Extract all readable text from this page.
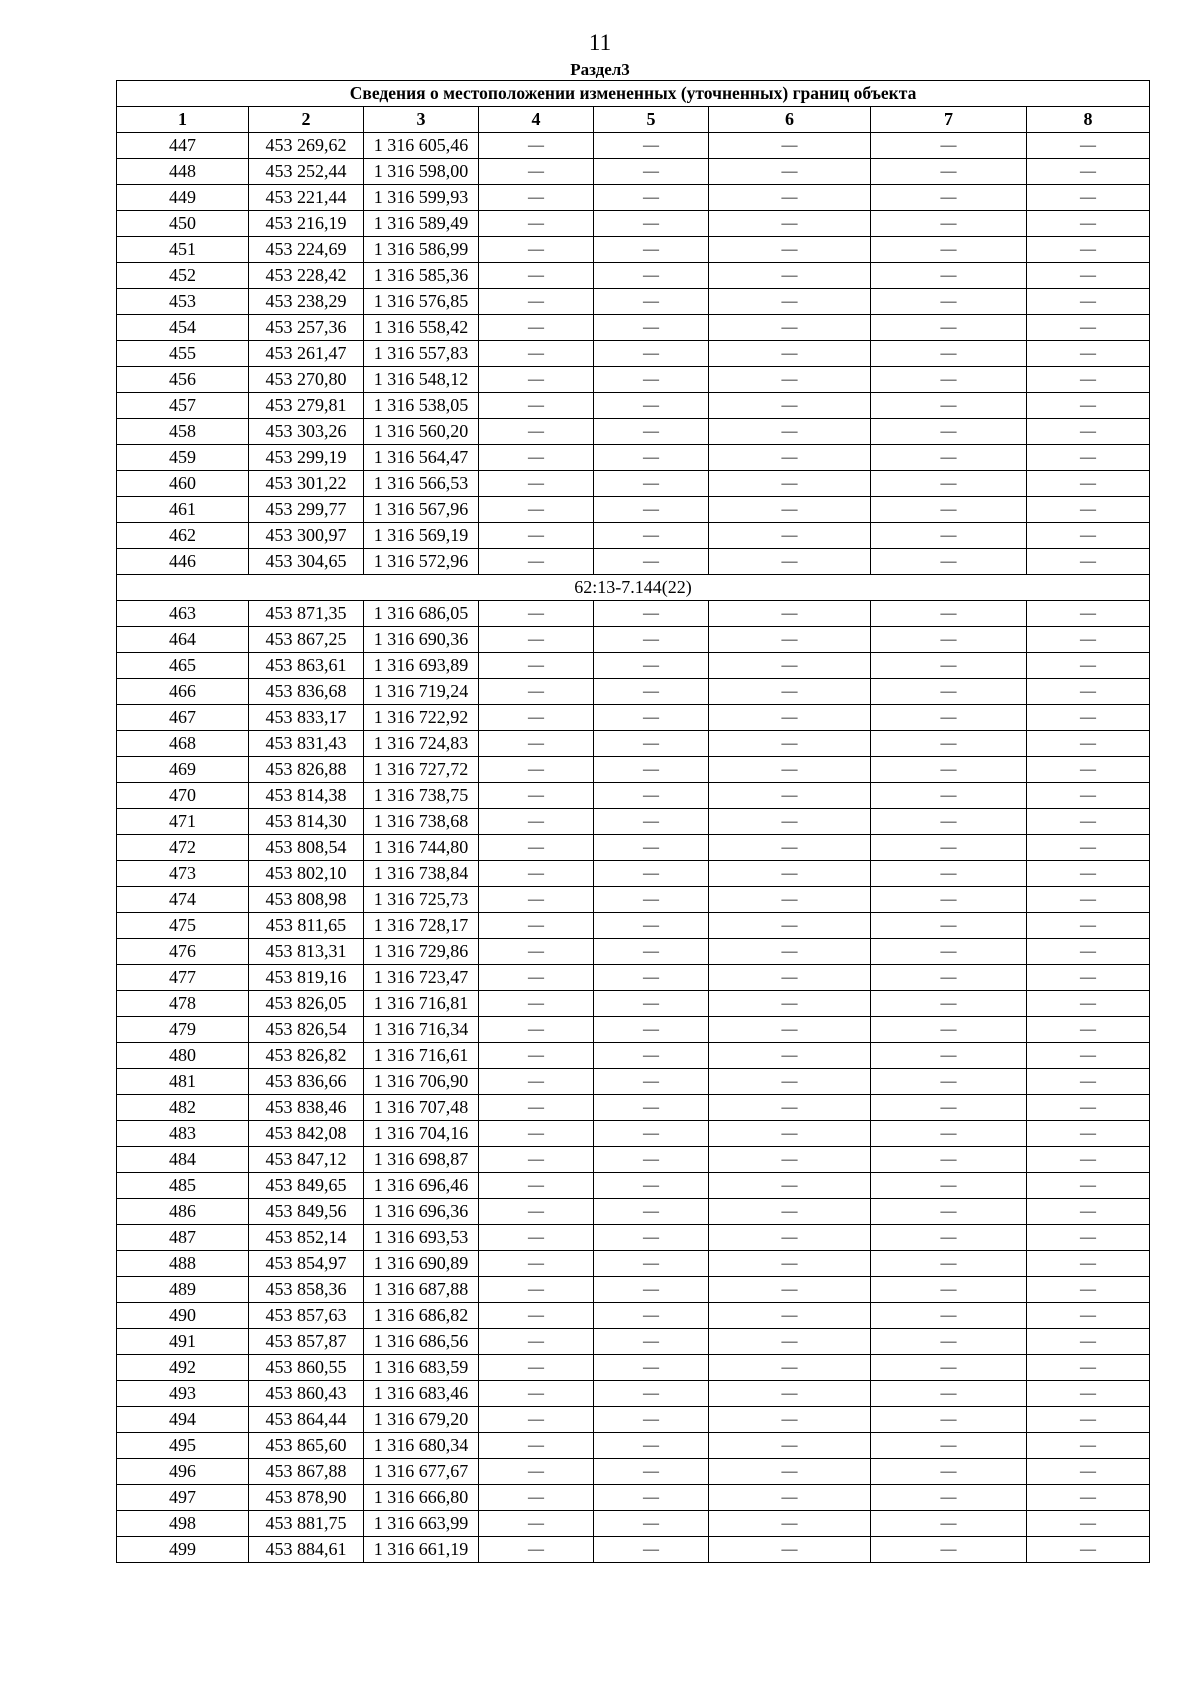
11
Раздел3
Сведения о местоположении измененных (уточненных) границ объекта							
1	2	3	4	5	6	7	8
447	453 269,62	1 316 605,46	—	—	—	—	—
448	453 252,44	1 316 598,00	—	—	—	—	—
449	453 221,44	1 316 599,93	—	—	—	—	—
450	453 216,19	1 316 589,49	—	—	—	—	—
451	453 224,69	1 316 586,99	—	—	—	—	—
452	453 228,42	1 316 585,36	—	—	—	—	—
453	453 238,29	1 316 576,85	—	—	—	—	—
454	453 257,36	1 316 558,42	—	—	—	—	—
455	453 261,47	1 316 557,83	—	—	—	—	—
456	453 270,80	1 316 548,12	—	—	—	—	—
457	453 279,81	1 316 538,05	—	—	—	—	—
458	453 303,26	1 316 560,20	—	—	—	—	—
459	453 299,19	1 316 564,47	—	—	—	—	—
460	453 301,22	1 316 566,53	—	—	—	—	—
461	453 299,77	1 316 567,96	—	—	—	—	—
462	453 300,97	1 316 569,19	—	—	—	—	—
446	453 304,65	1 316 572,96	—	—	—	—	—
62:13-7.144(22)							
463	453 871,35	1 316 686,05	—	—	—	—	—
464	453 867,25	1 316 690,36	—	—	—	—	—
465	453 863,61	1 316 693,89	—	—	—	—	—
466	453 836,68	1 316 719,24	—	—	—	—	—
467	453 833,17	1 316 722,92	—	—	—	—	—
468	453 831,43	1 316 724,83	—	—	—	—	—
469	453 826,88	1 316 727,72	—	—	—	—	—
470	453 814,38	1 316 738,75	—	—	—	—	—
471	453 814,30	1 316 738,68	—	—	—	—	—
472	453 808,54	1 316 744,80	—	—	—	—	—
473	453 802,10	1 316 738,84	—	—	—	—	—
474	453 808,98	1 316 725,73	—	—	—	—	—
475	453 811,65	1 316 728,17	—	—	—	—	—
476	453 813,31	1 316 729,86	—	—	—	—	—
477	453 819,16	1 316 723,47	—	—	—	—	—
478	453 826,05	1 316 716,81	—	—	—	—	—
479	453 826,54	1 316 716,34	—	—	—	—	—
480	453 826,82	1 316 716,61	—	—	—	—	—
481	453 836,66	1 316 706,90	—	—	—	—	—
482	453 838,46	1 316 707,48	—	—	—	—	—
483	453 842,08	1 316 704,16	—	—	—	—	—
484	453 847,12	1 316 698,87	—	—	—	—	—
485	453 849,65	1 316 696,46	—	—	—	—	—
486	453 849,56	1 316 696,36	—	—	—	—	—
487	453 852,14	1 316 693,53	—	—	—	—	—
488	453 854,97	1 316 690,89	—	—	—	—	—
489	453 858,36	1 316 687,88	—	—	—	—	—
490	453 857,63	1 316 686,82	—	—	—	—	—
491	453 857,87	1 316 686,56	—	—	—	—	—
492	453 860,55	1 316 683,59	—	—	—	—	—
493	453 860,43	1 316 683,46	—	—	—	—	—
494	453 864,44	1 316 679,20	—	—	—	—	—
495	453 865,60	1 316 680,34	—	—	—	—	—
496	453 867,88	1 316 677,67	—	—	—	—	—
497	453 878,90	1 316 666,80	—	—	—	—	—
498	453 881,75	1 316 663,99	—	—	—	—	—
499	453 884,61	1 316 661,19	—	—	—	—	—
